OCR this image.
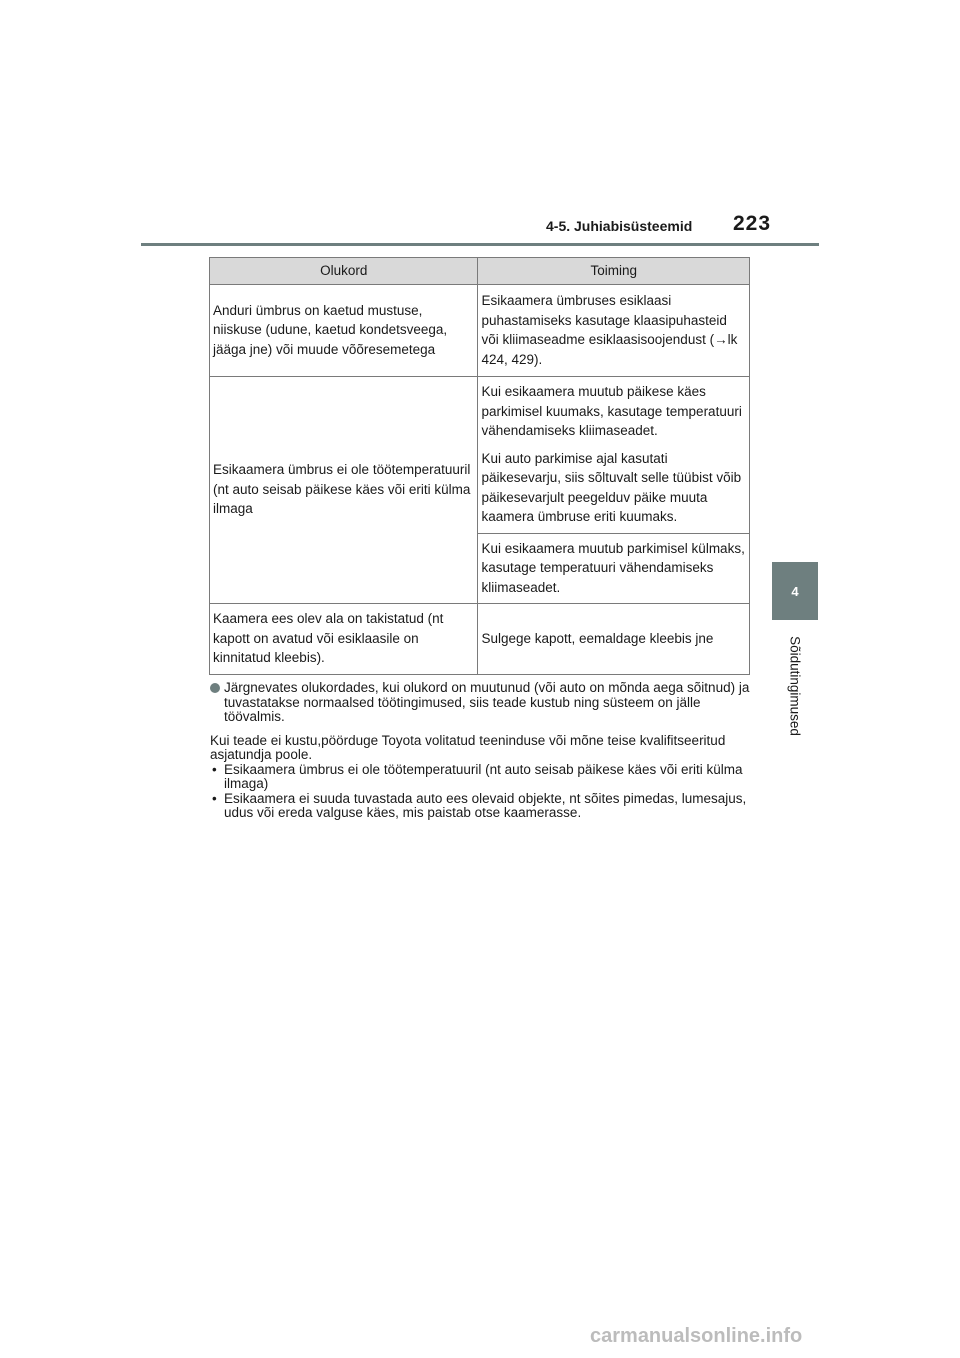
4-5. Juhiabisüsteemid 223
4
Sõidutingimused
Olukord	Toiming

Anduri ümbrus on kaetud mustuse, niiskuse (udune, kaetud kondetsveega, jääga jne) või muude võõresemetega	Esikaamera ümbruses esiklaasi puhastamiseks kasutage klaasipuhasteid või kliimaseadme esiklaasisoojendust (→lk 424, 429).

Esikaamera ümbrus ei ole töötemperatuuril (nt auto seisab päikese käes või eriti külma ilmaga	Kui esikaamera muutub päikese käes parkimisel kuumaks, kasutage temperatuuri vähendamiseks kliimaseadet.

Kui auto parkimise ajal kasutati päikesevarju, siis sõltuvalt selle tüübist võib päikesevarjult peegelduv päike muuta kaamera ümbruse eriti kuumaks.

	Kui esikaamera muutub parkimisel külmaks, kasutage temperatuuri vähendamiseks kliimaseadet.

Kaamera ees olev ala on takistatud (nt kapott on avatud või esiklaasile on kinnitatud kleebis).	Sulgege kapott, eemaldage kleebis jne

Järgnevates olukordades, kui olukord on muutunud (või auto on mõnda aega sõitnud) ja tuvastatakse normaalsed töötingimused, siis teade kustub ning süsteem on jälle töövalmis.

Kui teade ei kustu,pöörduge Toyota volitatud teeninduse või mõne teise kvalifitseeritud asjatundja poole.

• Esikaamera ümbrus ei ole töötemperatuuril (nt auto seisab päikese käes või eriti külma ilmaga)
• Esikaamera ei suuda tuvastada auto ees olevaid objekte, nt sõites pimedas, lumesajus, udus või ereda valguse käes, mis paistab otse kaamerasse.
carmanualsonline.info
